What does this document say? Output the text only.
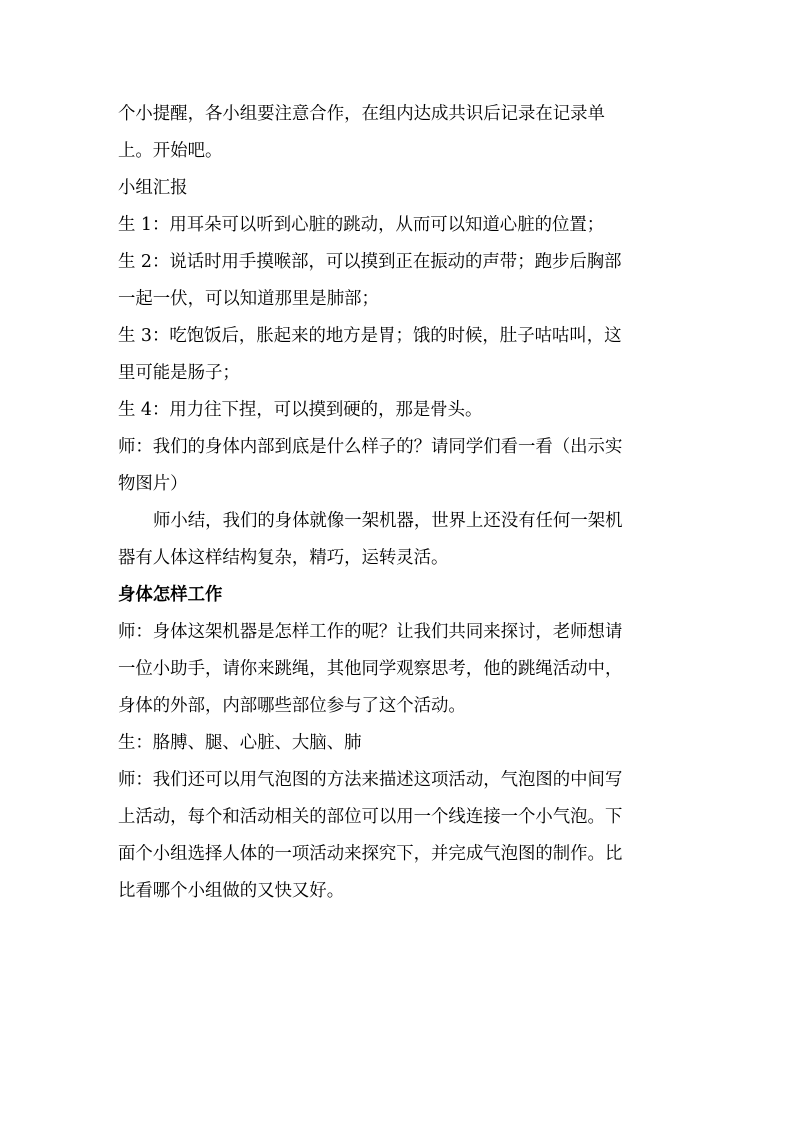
个小提醒，各小组要注意合作，在组内达成共识后记录在记录单

上。开始吧。

小组汇报

生 1：用耳朵可以听到心脏的跳动，从而可以知道心脏的位置；

生 2：说话时用手摸喉部，可以摸到正在振动的声带；跑步后胸部

一起一伏，可以知道那里是肺部；

生 3：吃饱饭后，胀起来的地方是胃；饿的时候，肚子咕咕叫，这

里可能是肠子；

生 4：用力往下捏，可以摸到硬的，那是骨头。

师：我们的身体内部到底是什么样子的？请同学们看一看（出示实

物图片）

师小结，我们的身体就像一架机器，世界上还没有任何一架机

器有人体这样结构复杂，精巧，运转灵活。

身体怎样工作

师：身体这架机器是怎样工作的呢？让我们共同来探讨，老师想请

一位小助手，请你来跳绳，其他同学观察思考，他的跳绳活动中，

身体的外部，内部哪些部位参与了这个活动。

生：胳膊、腿、心脏、大脑、肺

师：我们还可以用气泡图的方法来描述这项活动，气泡图的中间写

上活动，每个和活动相关的部位可以用一个线连接一个小气泡。下

面个小组选择人体的一项活动来探究下，并完成气泡图的制作。比

比看哪个小组做的又快又好。
